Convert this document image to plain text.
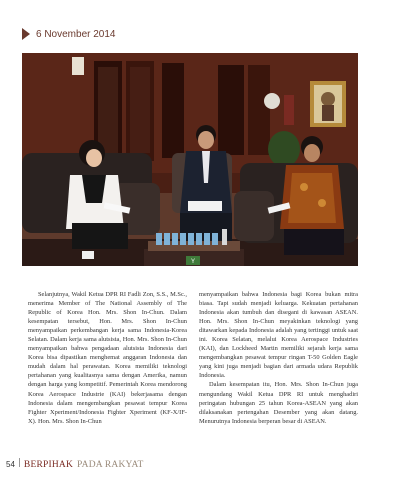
6 November 2014
Y

Selanjutnya, Wakil Ketua DPR RI Fadli Zon, S.S., M.Sc., menerima Member of The National Assembly of The Republic of Korea Hon. Mrs. Shon In-Chun. Dalam kesempatan tersebut, Hon. Mrs. Shon In-Chun menyampaikan perkembangan kerja sama Indonesia-Korea Selatan. Dalam kerja sama alutsista, Hon. Mrs. Shon In-Chun menyampaikan bahwa pengadaan alutsista Indonesia dari Korea bisa dipastikan menghemat anggaran Indonesia dan mudah dalam hal perawatan. Korea memiliki teknologi pertahanan yang kualitasnya sama dengan Amerika, namun dengan harga yang kompetitif. Pemerintah Korea mendorong Korea Aerospace Industrie (KAI) bekerjasama dengan Indonesia dalam mengembangkan pesawat tempur Korea Fighter Xperiment/Indonesia Fighter Xperiment (KF-X/IF-X). Hon. Mrs. Shon In-Chun

menyampaikan bahwa Indonesia bagi Korea bukan mitra biasa. Tapi sudah menjadi keluarga. Kekuatan pertahanan Indonesia akan tumbuh dan disegani di kawasan ASEAN. Hon. Mrs. Shon In-Chun meyakinkan teknologi yang ditawarkan kepada Indonesia adalah yang tertinggi untuk saat ini. Korea Selatan, melalui Korea Aerospace Industries (KAI), dan Lockheed Martin memiliki sejarah kerja sama mengembangkan pesawat tempur ringan T-50 Golden Eagle yang kini juga menjadi bagian dari armada udara Republik Indonesia.

Dalam kesempatan itu, Hon. Mrs. Shon In-Chun juga mengundang Wakil Ketua DPR RI untuk menghadiri peringatan hubungan 25 tahun Korea-ASEAN yang akan dilaksanakan pertengahan Desember yang akan datang. Menurutnya Indonesia berperan besar di ASEAN.

54 BERPIHAK PADA RAKYAT
